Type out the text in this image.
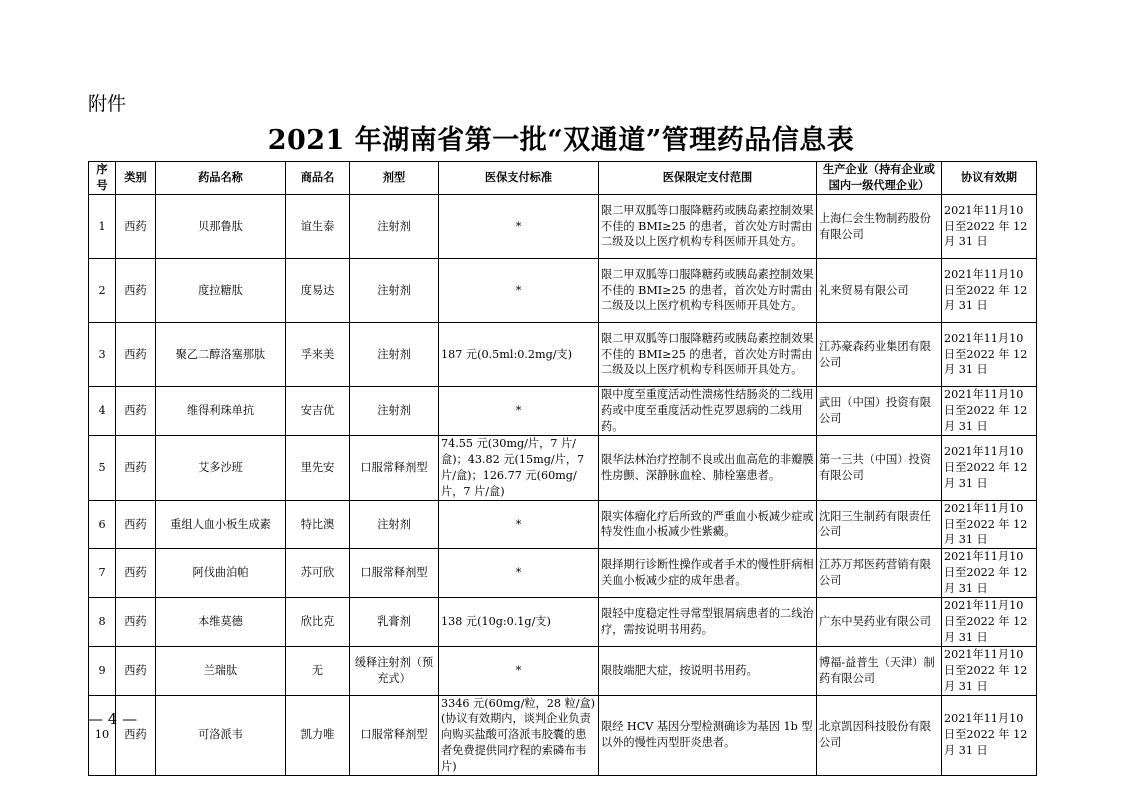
附件
2021 年湖南省第一批“双通道”管理药品信息表
序号	类别	药品名称	商品名	剂型	医保支付标准	医保限定支付范围	生产企业（持有企业或国内一级代理企业）	协议有效期
1	西药	贝那鲁肽	谊生泰	注射剂	*	限二甲双胍等口服降糖药或胰岛素控制效果不佳的 BMI≥25 的患者，首次处方时需由二级及以上医疗机构专科医师开具处方。	上海仁会生物制药股份有限公司	2021年11月10日至2022 年 12 月 31 日
2	西药	度拉糖肽	度易达	注射剂	*	限二甲双胍等口服降糖药或胰岛素控制效果不佳的 BMI≥25 的患者，首次处方时需由二级及以上医疗机构专科医师开具处方。	礼来贸易有限公司	2021年11月10日至2022 年 12 月 31 日
3	西药	聚乙二醇洛塞那肽	孚来美	注射剂	187 元(0.5ml:0.2mg/支)	限二甲双胍等口服降糖药或胰岛素控制效果不佳的 BMI≥25 的患者，首次处方时需由二级及以上医疗机构专科医师开具处方。	江苏豪森药业集团有限公司	2021年11月10日至2022 年 12 月 31 日
4	西药	维得利珠单抗	安吉优	注射剂	*	限中度至重度活动性溃疡性结肠炎的二线用药或中度至重度活动性克罗恩病的二线用药。	武田（中国）投资有限公司	2021年11月10日至2022 年 12 月 31 日
5	西药	艾多沙班	里先安	口服常释剂型	74.55 元(30mg/片，7 片/盒)；43.82 元(15mg/片，7 片/盒)；126.77 元(60mg/片，7 片/盒)	限华法林治疗控制不良或出血高危的非瓣膜性房颤、深静脉血栓、肺栓塞患者。	第一三共（中国）投资有限公司	2021年11月10日至2022 年 12 月 31 日
6	西药	重组人血小板生成素	特比澳	注射剂	*	限实体瘤化疗后所致的严重血小板减少症或特发性血小板减少性紫癜。	沈阳三生制药有限责任公司	2021年11月10日至2022 年 12 月 31 日
7	西药	阿伐曲泊帕	苏可欣	口服常释剂型	*	限择期行诊断性操作或者手术的慢性肝病相关血小板减少症的成年患者。	江苏万邦医药营销有限公司	2021年11月10日至2022 年 12 月 31 日
8	西药	本维莫德	欣比克	乳膏剂	138 元(10g:0.1g/支)	限轻中度稳定性寻常型银屑病患者的二线治疗，需按说明书用药。	广东中昊药业有限公司	2021年11月10日至2022 年 12 月 31 日
9	西药	兰瑞肽	无	缓释注射剂（预充式）	*	限肢端肥大症，按说明书用药。	博福-益普生（天津）制药有限公司	2021年11月10日至2022 年 12 月 31 日
10	西药	可洛派韦	凯力唯	口服常释剂型	3346 元(60mg/粒，28 粒/盒)(协议有效期内，谈判企业负责向购买盐酸可洛派韦胶囊的患者免费提供同疗程的索磷布韦片)	限经 HCV 基因分型检测确诊为基因 1b 型以外的慢性丙型肝炎患者。	北京凯因科技股份有限公司	2021年11月10日至2022 年 12 月 31 日
— 4 —
